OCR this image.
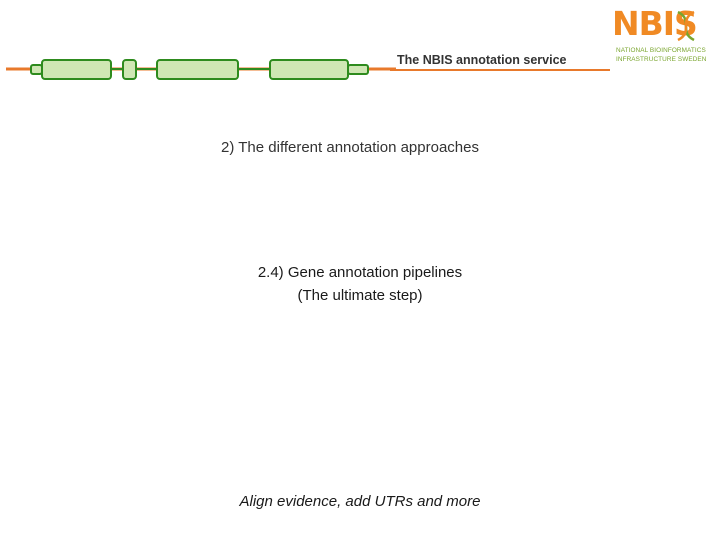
The NBIS annotation service
NBIS
NATIONAL BIOINFORMATICS
INFRASTRUCTURE SWEDEN
2) The different annotation approaches
2.4) Gene annotation pipelines
(The ultimate step)
Align evidence, add UTRs and more
